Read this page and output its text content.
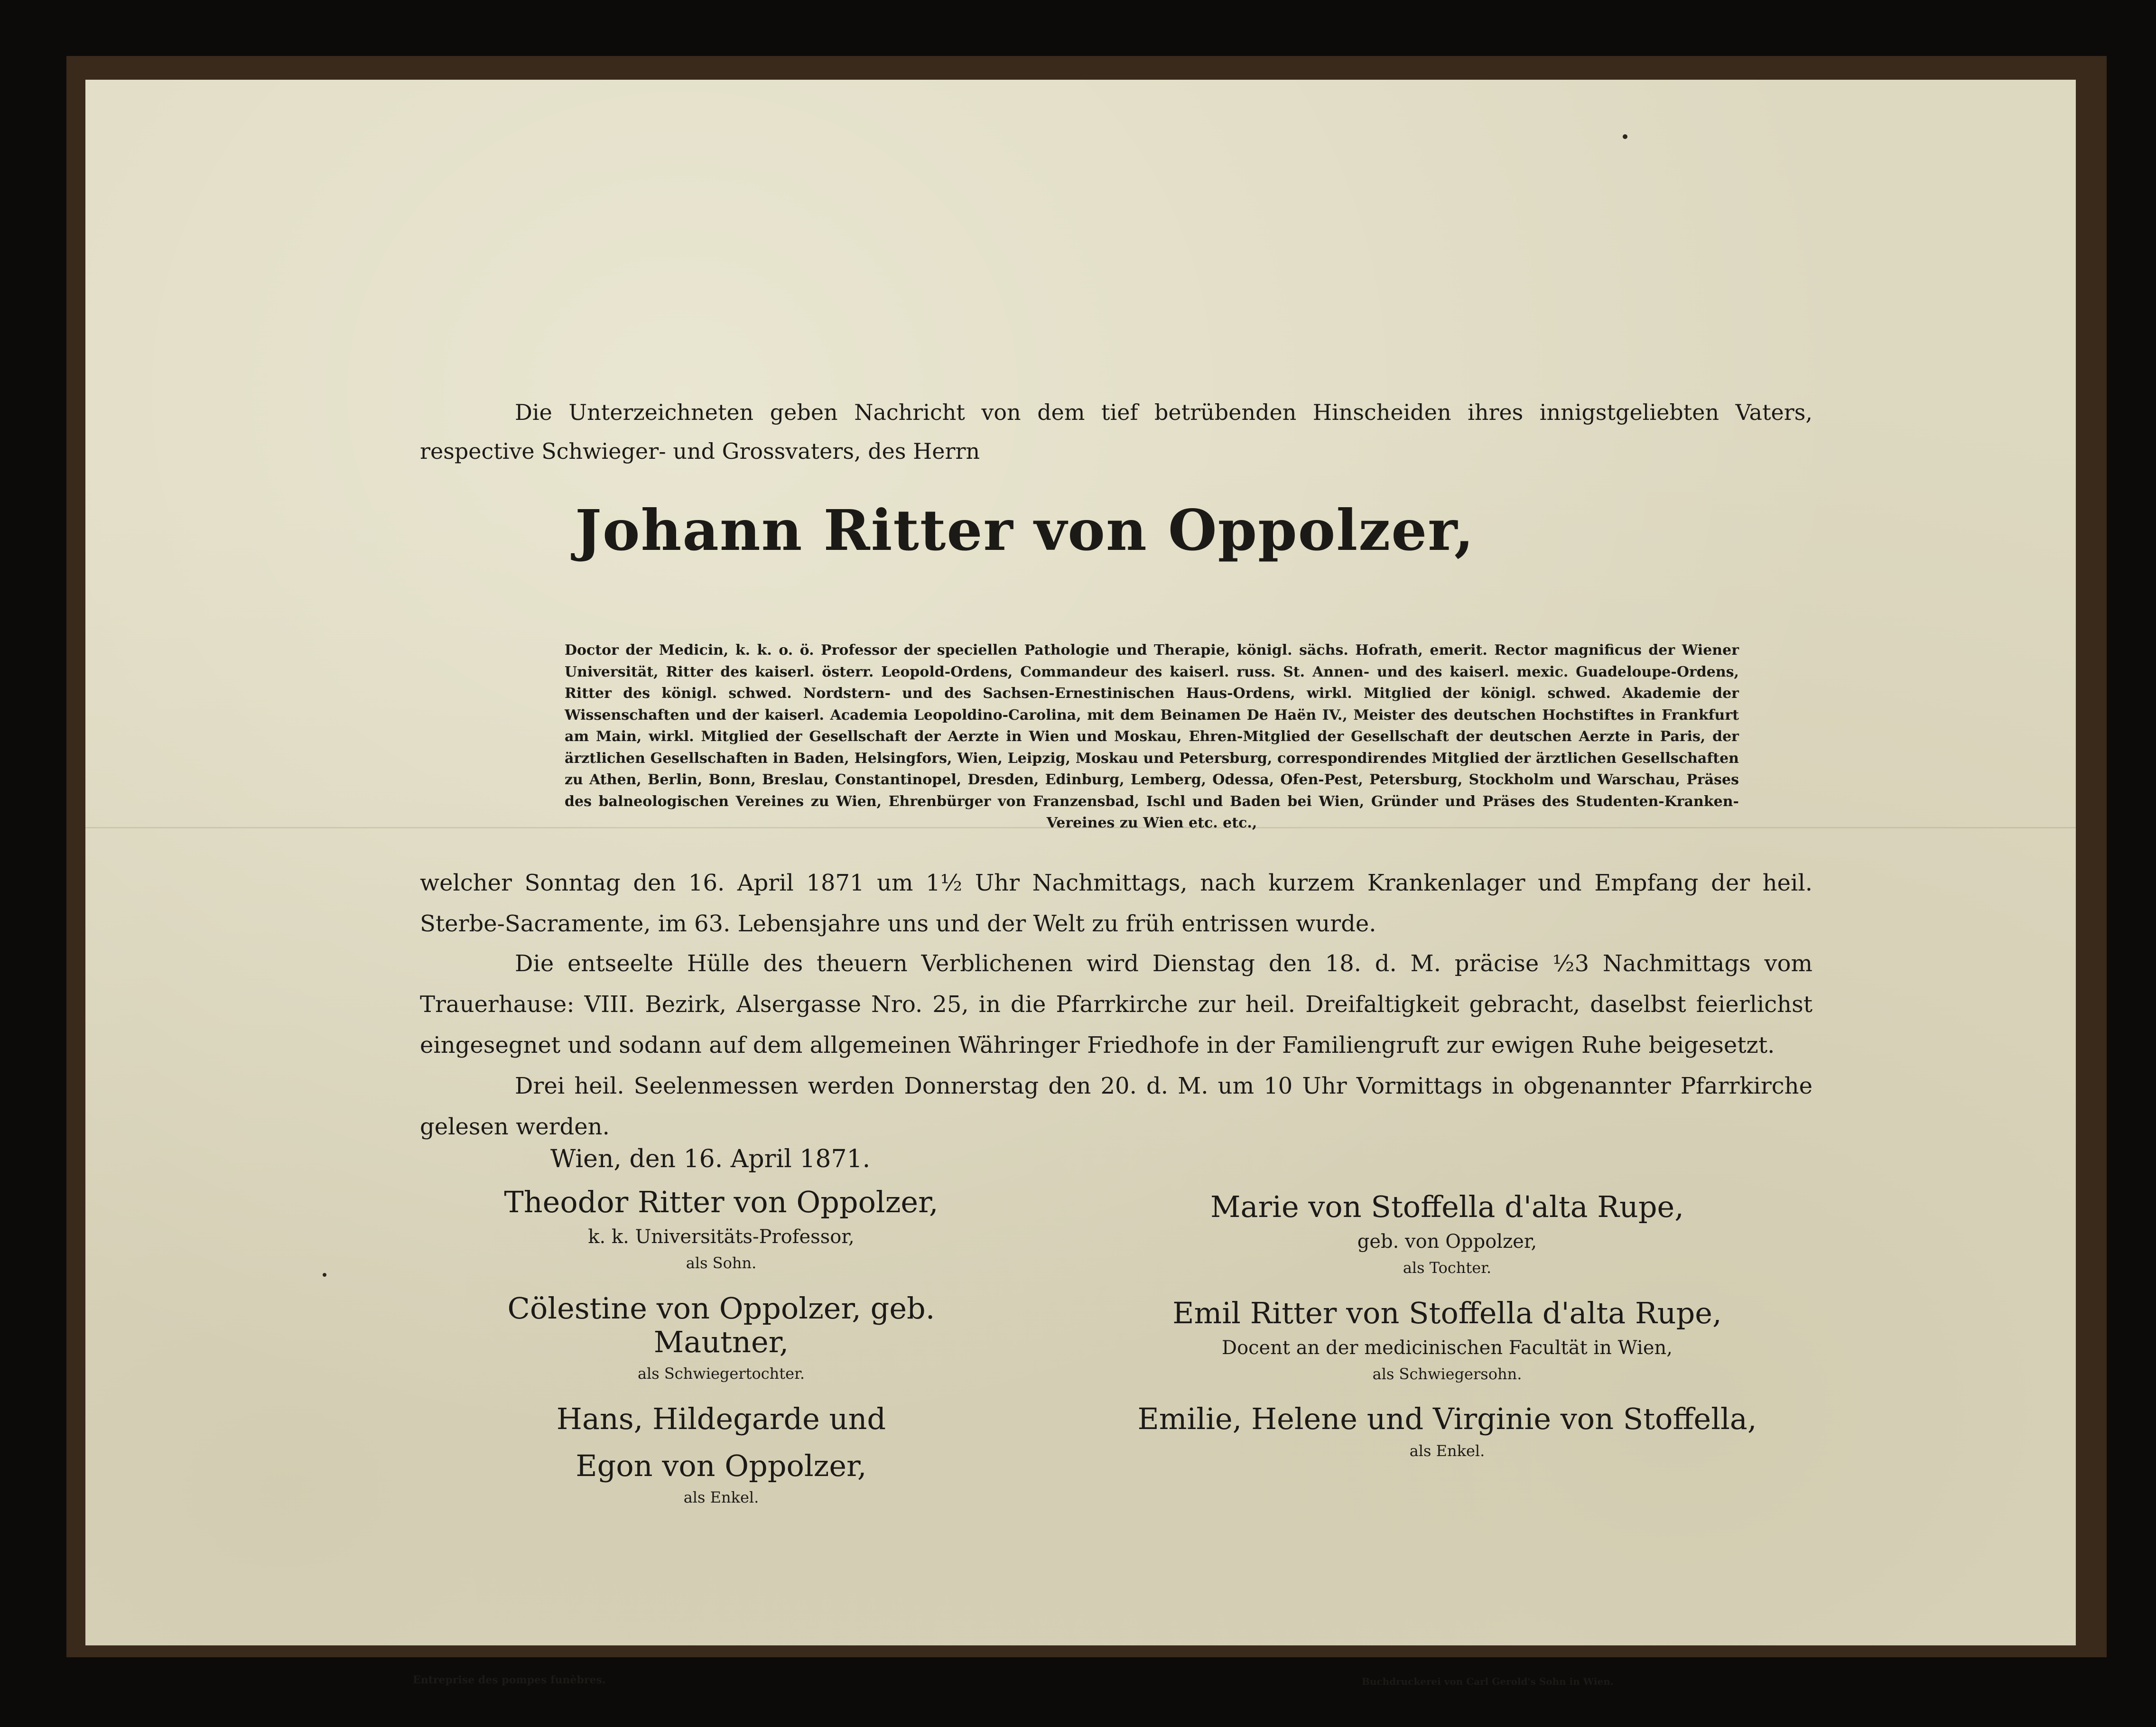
Die Unterzeichneten geben Nachricht von dem tief betrübenden Hinscheiden ihres innigstgeliebten Vaters, respective Schwieger- und Grossvaters, des Herrn
Johann Ritter von Oppolzer,
Doctor der Medicin, k. k. o. ö. Professor der speciellen Pathologie und Therapie, königl. sächs. Hofrath, emerit. Rector magnificus der Wiener Universität, Ritter des kaiserl. österr. Leopold-Ordens, Commandeur des kaiserl. russ. St. Annen- und des kaiserl. mexic. Guadeloupe-Ordens, Ritter des königl. schwed. Nordstern- und des Sachsen-Ernestinischen Haus-Ordens, wirkl. Mitglied der königl. schwed. Akademie der Wissenschaften und der kaiserl. Academia Leopoldino-Carolina, mit dem Beinamen De Haën IV., Meister des deutschen Hochstiftes in Frankfurt am Main, wirkl. Mitglied der Gesellschaft der Aerzte in Wien und Moskau, Ehren-Mitglied der Gesellschaft der deutschen Aerzte in Paris, der ärztlichen Gesellschaften in Baden, Helsingfors, Wien, Leipzig, Moskau und Petersburg, correspondirendes Mitglied der ärztlichen Gesellschaften zu Athen, Berlin, Bonn, Breslau, Constantinopel, Dresden, Edinburg, Lemberg, Odessa, Ofen-Pest, Petersburg, Stockholm und Warschau, Präses des balneologischen Vereines zu Wien, Ehrenbürger von Franzensbad, Ischl und Baden bei Wien, Gründer und Präses des Studenten-Kranken-Vereines zu Wien etc. etc.,
welcher Sonntag den 16. April 1871 um 1½ Uhr Nachmittags, nach kurzem Krankenlager und Empfang der heil. Sterbe-Sacramente, im 63. Lebensjahre uns und der Welt zu früh entrissen wurde.
Die entseelte Hülle des theuern Verblichenen wird Dienstag den 18. d. M. präcise ½3 Nachmittags vom Trauerhause: VIII. Bezirk, Alsergasse Nro. 25, in die Pfarrkirche zur heil. Dreifaltigkeit gebracht, daselbst feierlichst eingesegnet und sodann auf dem allgemeinen Währinger Friedhofe in der Familiengruft zur ewigen Ruhe beigesetzt.
Drei heil. Seelenmessen werden Donnerstag den 20. d. M. um 10 Uhr Vormittags in obgenannter Pfarrkirche gelesen werden.
Wien, den 16. April 1871.
Theodor Ritter von Oppolzer,
k. k. Universitäts-Professor,
als Sohn.
Cölestine von Oppolzer, geb. Mautner,
als Schwiegertochter.
Hans, Hildegarde und
Egon von Oppolzer,
als Enkel.
Marie von Stoffella d'alta Rupe,
geb. von Oppolzer,
als Tochter.
Emil Ritter von Stoffella d'alta Rupe,
Docent an der medicinischen Facultät in Wien,
als Schwiegersohn.
Emilie, Helene und Virginie von Stoffella,
als Enkel.
Entreprise des pompes funèbres.	Buchdruckerei von Carl Gerold's Sohn in Wien.
